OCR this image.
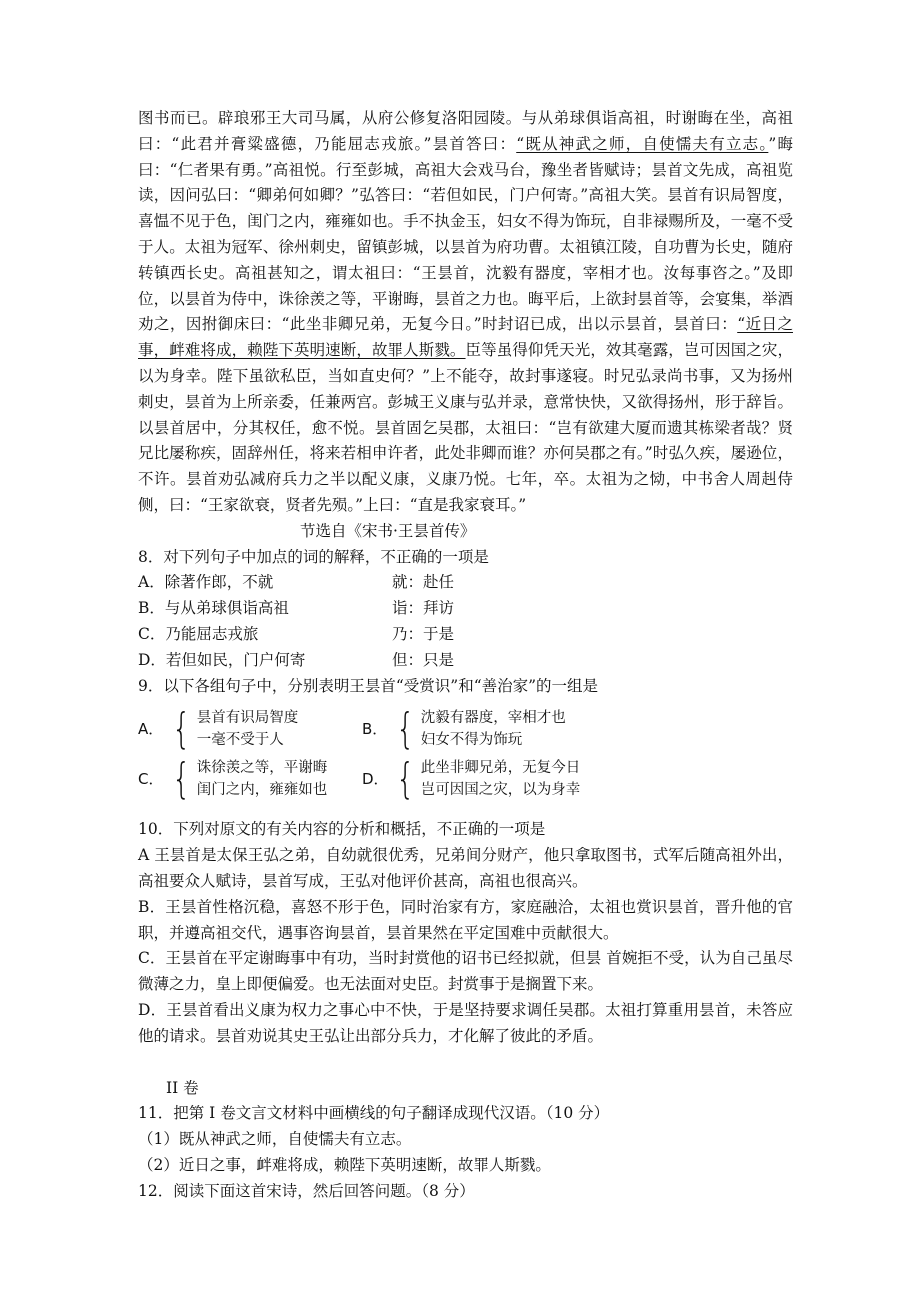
图书而已。辟琅邪王大司马属，从府公修复洛阳园陵。与从弟球俱诣高祖，时谢晦在坐，高祖曰：“此君并膏粱盛德，乃能屈志戎旅。”昙首答曰：“既从神武之师，自使懦夫有立志。”晦曰：“仁者果有勇。”高祖悦。行至彭城，高祖大会戏马台，豫坐者皆赋诗；昙首文先成，高祖览读，因问弘曰：“卿弟何如卿？”弘答曰：“若但如民，门户何寄。”高祖大笑。昙首有识局智度，喜愠不见于色，闺门之内，雍雍如也。手不执金玉，妇女不得为饰玩，自非禄赐所及，一毫不受于人。太祖为冠军、徐州刺史，留镇彭城，以昙首为府功曹。太祖镇江陵，自功曹为长史，随府转镇西长史。高祖甚知之，谓太祖曰：“王昙首，沈毅有器度，宰相才也。汝每事咨之。”及即位，以昙首为侍中，诛徐羡之等，平谢晦，昙首之力也。晦平后，上欲封昙首等，会宴集，举酒劝之，因拊御床曰：“此坐非卿兄弟，无复今日。”时封诏已成，出以示昙首，昙首曰：“近日之事，衅难将成，赖陛下英明速断，故罪人斯戮。臣等虽得仰凭天光，效其毫露，岂可因国之灾，以为身幸。陛下虽欲私臣，当如直史何？”上不能夺，故封事遂寝。时兄弘录尚书事，又为扬州刺史，昙首为上所亲委，任兼两宫。彭城王义康与弘并录，意常快快，又欲得扬州，形于辞旨。以昙首居中，分其权任，愈不悦。昙首固乞吴郡，太祖曰：“岂有欲建大厦而遗其栋梁者哉？贤兄比屡称疾，固辞州任，将来若相申许者，此处非卿而谁？亦何吴郡之有。”时弘久疾，屡逊位，不许。昙首劝弘减府兵力之半以配义康，义康乃悦。七年，卒。太祖为之恸，中书舍人周赳侍侧，曰：“王家欲衰，贤者先殒。”上曰：“直是我家衰耳。”

节选自《宋书·王昙首传》

8．对下列句子中加点的词的解释，不正确的一项是

A．除著作郎，不就	就：赴任
B．与从弟球俱诣高祖	诣：拜访
C．乃能屈志戎旅	乃：于是
D．若但如民，门户何寄	但：只是

9．以下各组句子中，分别表明王昙首“受赏识”和“善治家”的一组是

A． { 昙首有识局智度
一毫不受于人
B． { 沈毅有器度，宰相才也
妇女不得为饰玩
C． { 诛徐羡之等，平谢晦
闺门之内，雍雍如也
D． { 此坐非卿兄弟，无复今日
岂可因国之灾，以为身幸

10．下列对原文的有关内容的分析和概括，不正确的一项是

A 王昙首是太保王弘之弟，自幼就很优秀，兄弟间分财产，他只拿取图书，式军后随高祖外出，高祖要众人赋诗，昙首写成，王弘对他评价甚高，高祖也很高兴。

B．王昙首性格沉稳，喜怒不形于色，同时治家有方，家庭融洽，太祖也赏识昙首，晋升他的官职，并遵高祖交代，遇事咨询昙首，昙首果然在平定国难中贡献很大。

C．王昙首在平定谢晦事中有功，当时封赏他的诏书已经拟就，但昙 首婉拒不受，认为自己虽尽微薄之力，皇上即便偏爱。也无法面对史臣。封赏事于是搁置下来。

D．王昙首看出义康为权力之事心中不快，于是坚持要求调任吴郡。太祖打算重用昙首，未答应他的请求。昙首劝说其史王弘让出部分兵力，才化解了彼此的矛盾。

II 卷

11．把第 I 卷文言文材料中画横线的句子翻译成现代汉语。（10 分）

（1）既从神武之师，自使懦夫有立志。

（2）近日之事，衅难将成，赖陛下英明速断，故罪人斯戮。

12．阅读下面这首宋诗，然后回答问题。（8 分）
